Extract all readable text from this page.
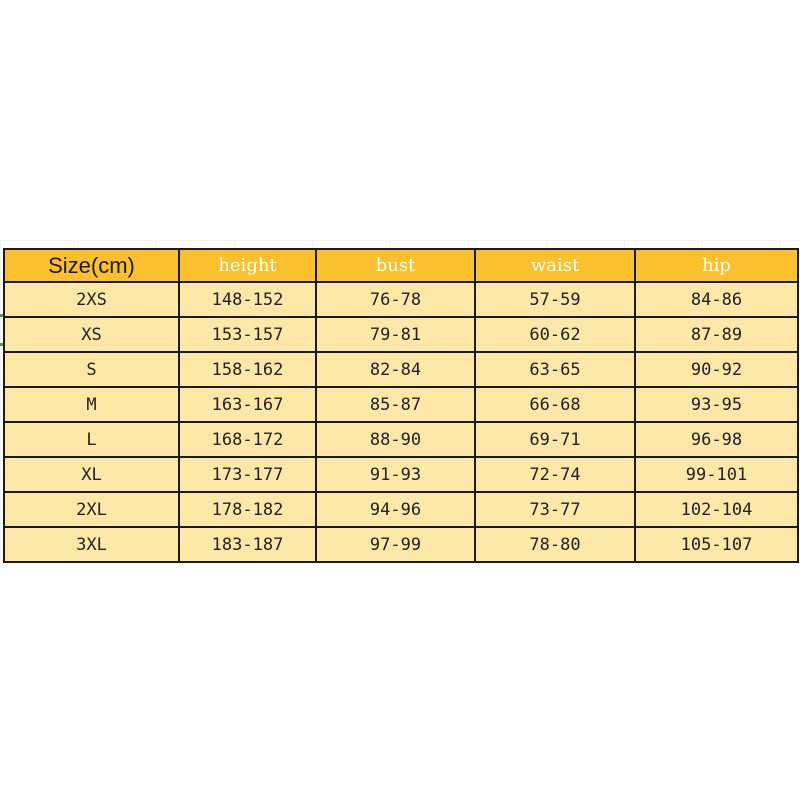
Size(cm)	height	bust	waist	hip
2XS	148-152	76-78	57-59	84-86
XS	153-157	79-81	60-62	87-89
S	158-162	82-84	63-65	90-92
M	163-167	85-87	66-68	93-95
L	168-172	88-90	69-71	96-98
XL	173-177	91-93	72-74	99-101
2XL	178-182	94-96	73-77	102-104
3XL	183-187	97-99	78-80	105-107
